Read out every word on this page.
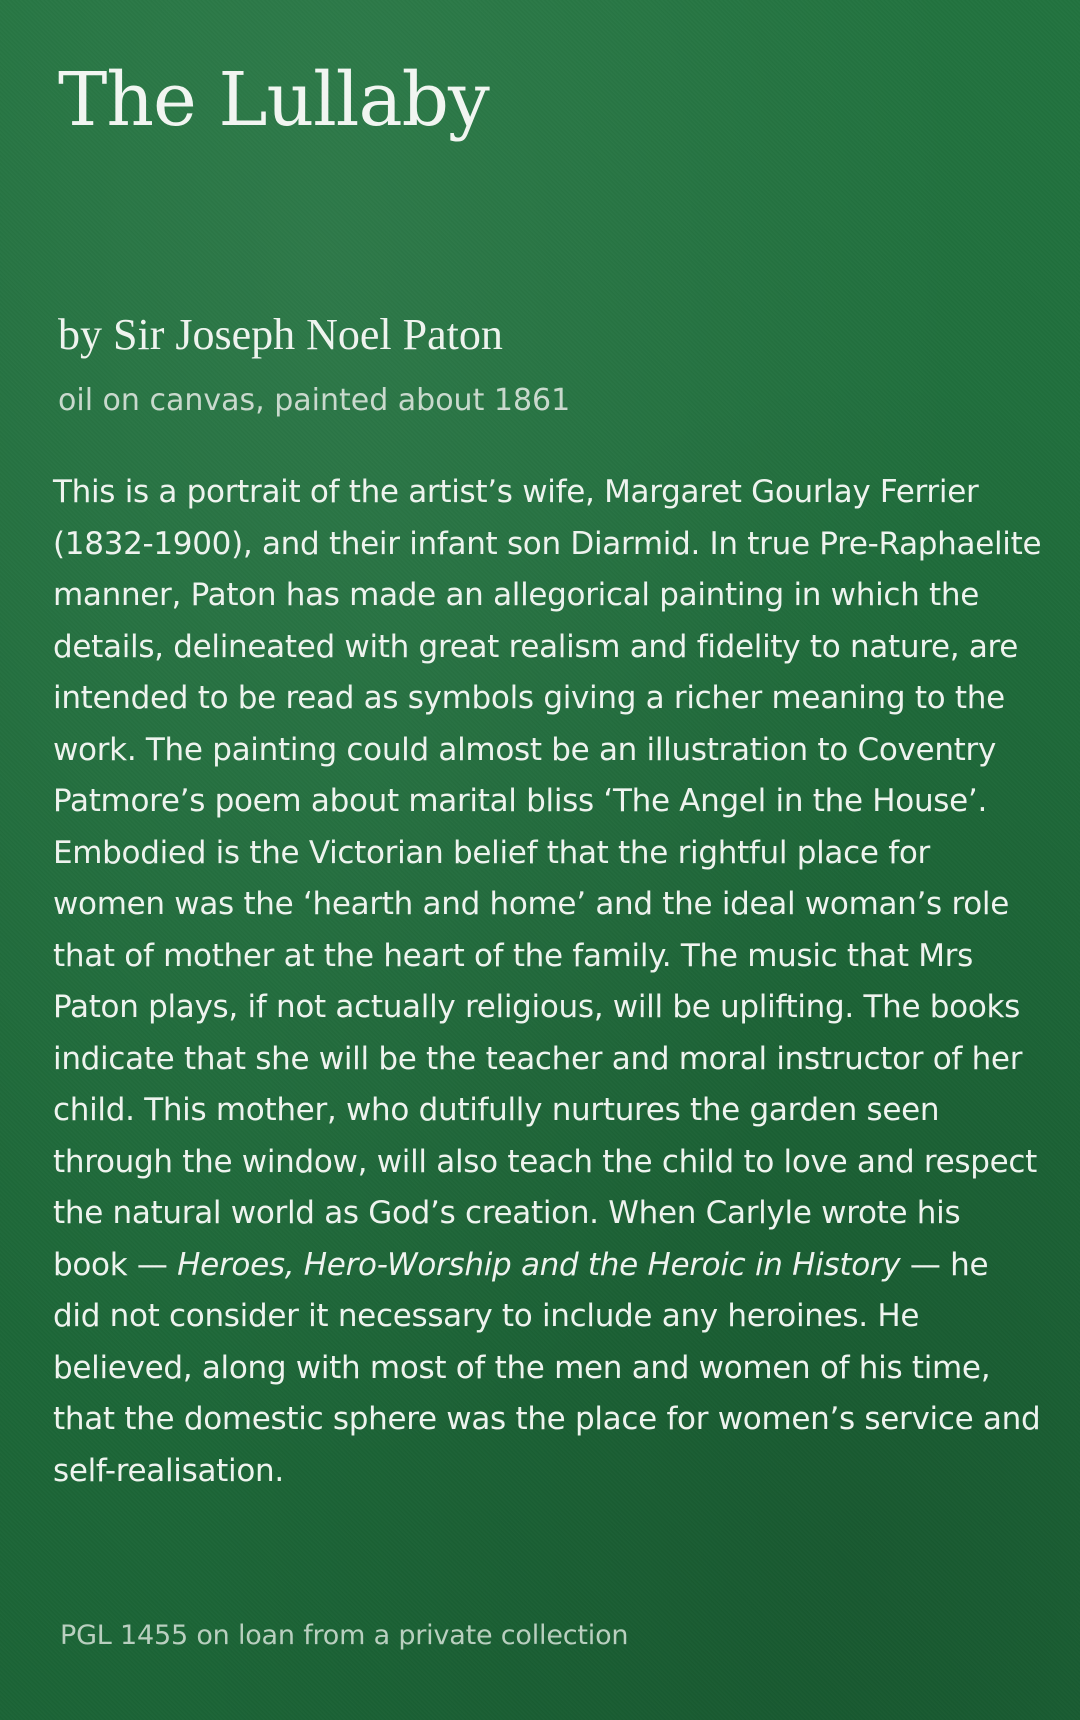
The Lullaby

by Sir Joseph Noel Paton

oil on canvas, painted about 1861

This is a portrait of the artist’s wife, Margaret Gourlay Ferrier (1832-1900), and their infant son Diarmid. In true Pre-Raphaelite manner, Paton has made an allegorical painting in which the details, delineated with great realism and fidelity to nature, are intended to be read as symbols giving a richer meaning to the work. The painting could almost be an illustration to Coventry Patmore’s poem about marital bliss ‘The Angel in the House’. Embodied is the Victorian belief that the rightful place for women was the ‘hearth and home’ and the ideal woman’s role that of mother at the heart of the family. The music that Mrs Paton plays, if not actually religious, will be uplifting. The books indicate that she will be the teacher and moral instructor of her child. This mother, who dutifully nurtures the garden seen through the window, will also teach the child to love and respect the natural world as God’s creation. When Carlyle wrote his book — Heroes, Hero-Worship and the Heroic in History — he did not consider it necessary to include any heroines. He believed, along with most of the men and women of his time, that the domestic sphere was the place for women’s service and self-realisation.

PGL 1455 on loan from a private collection
